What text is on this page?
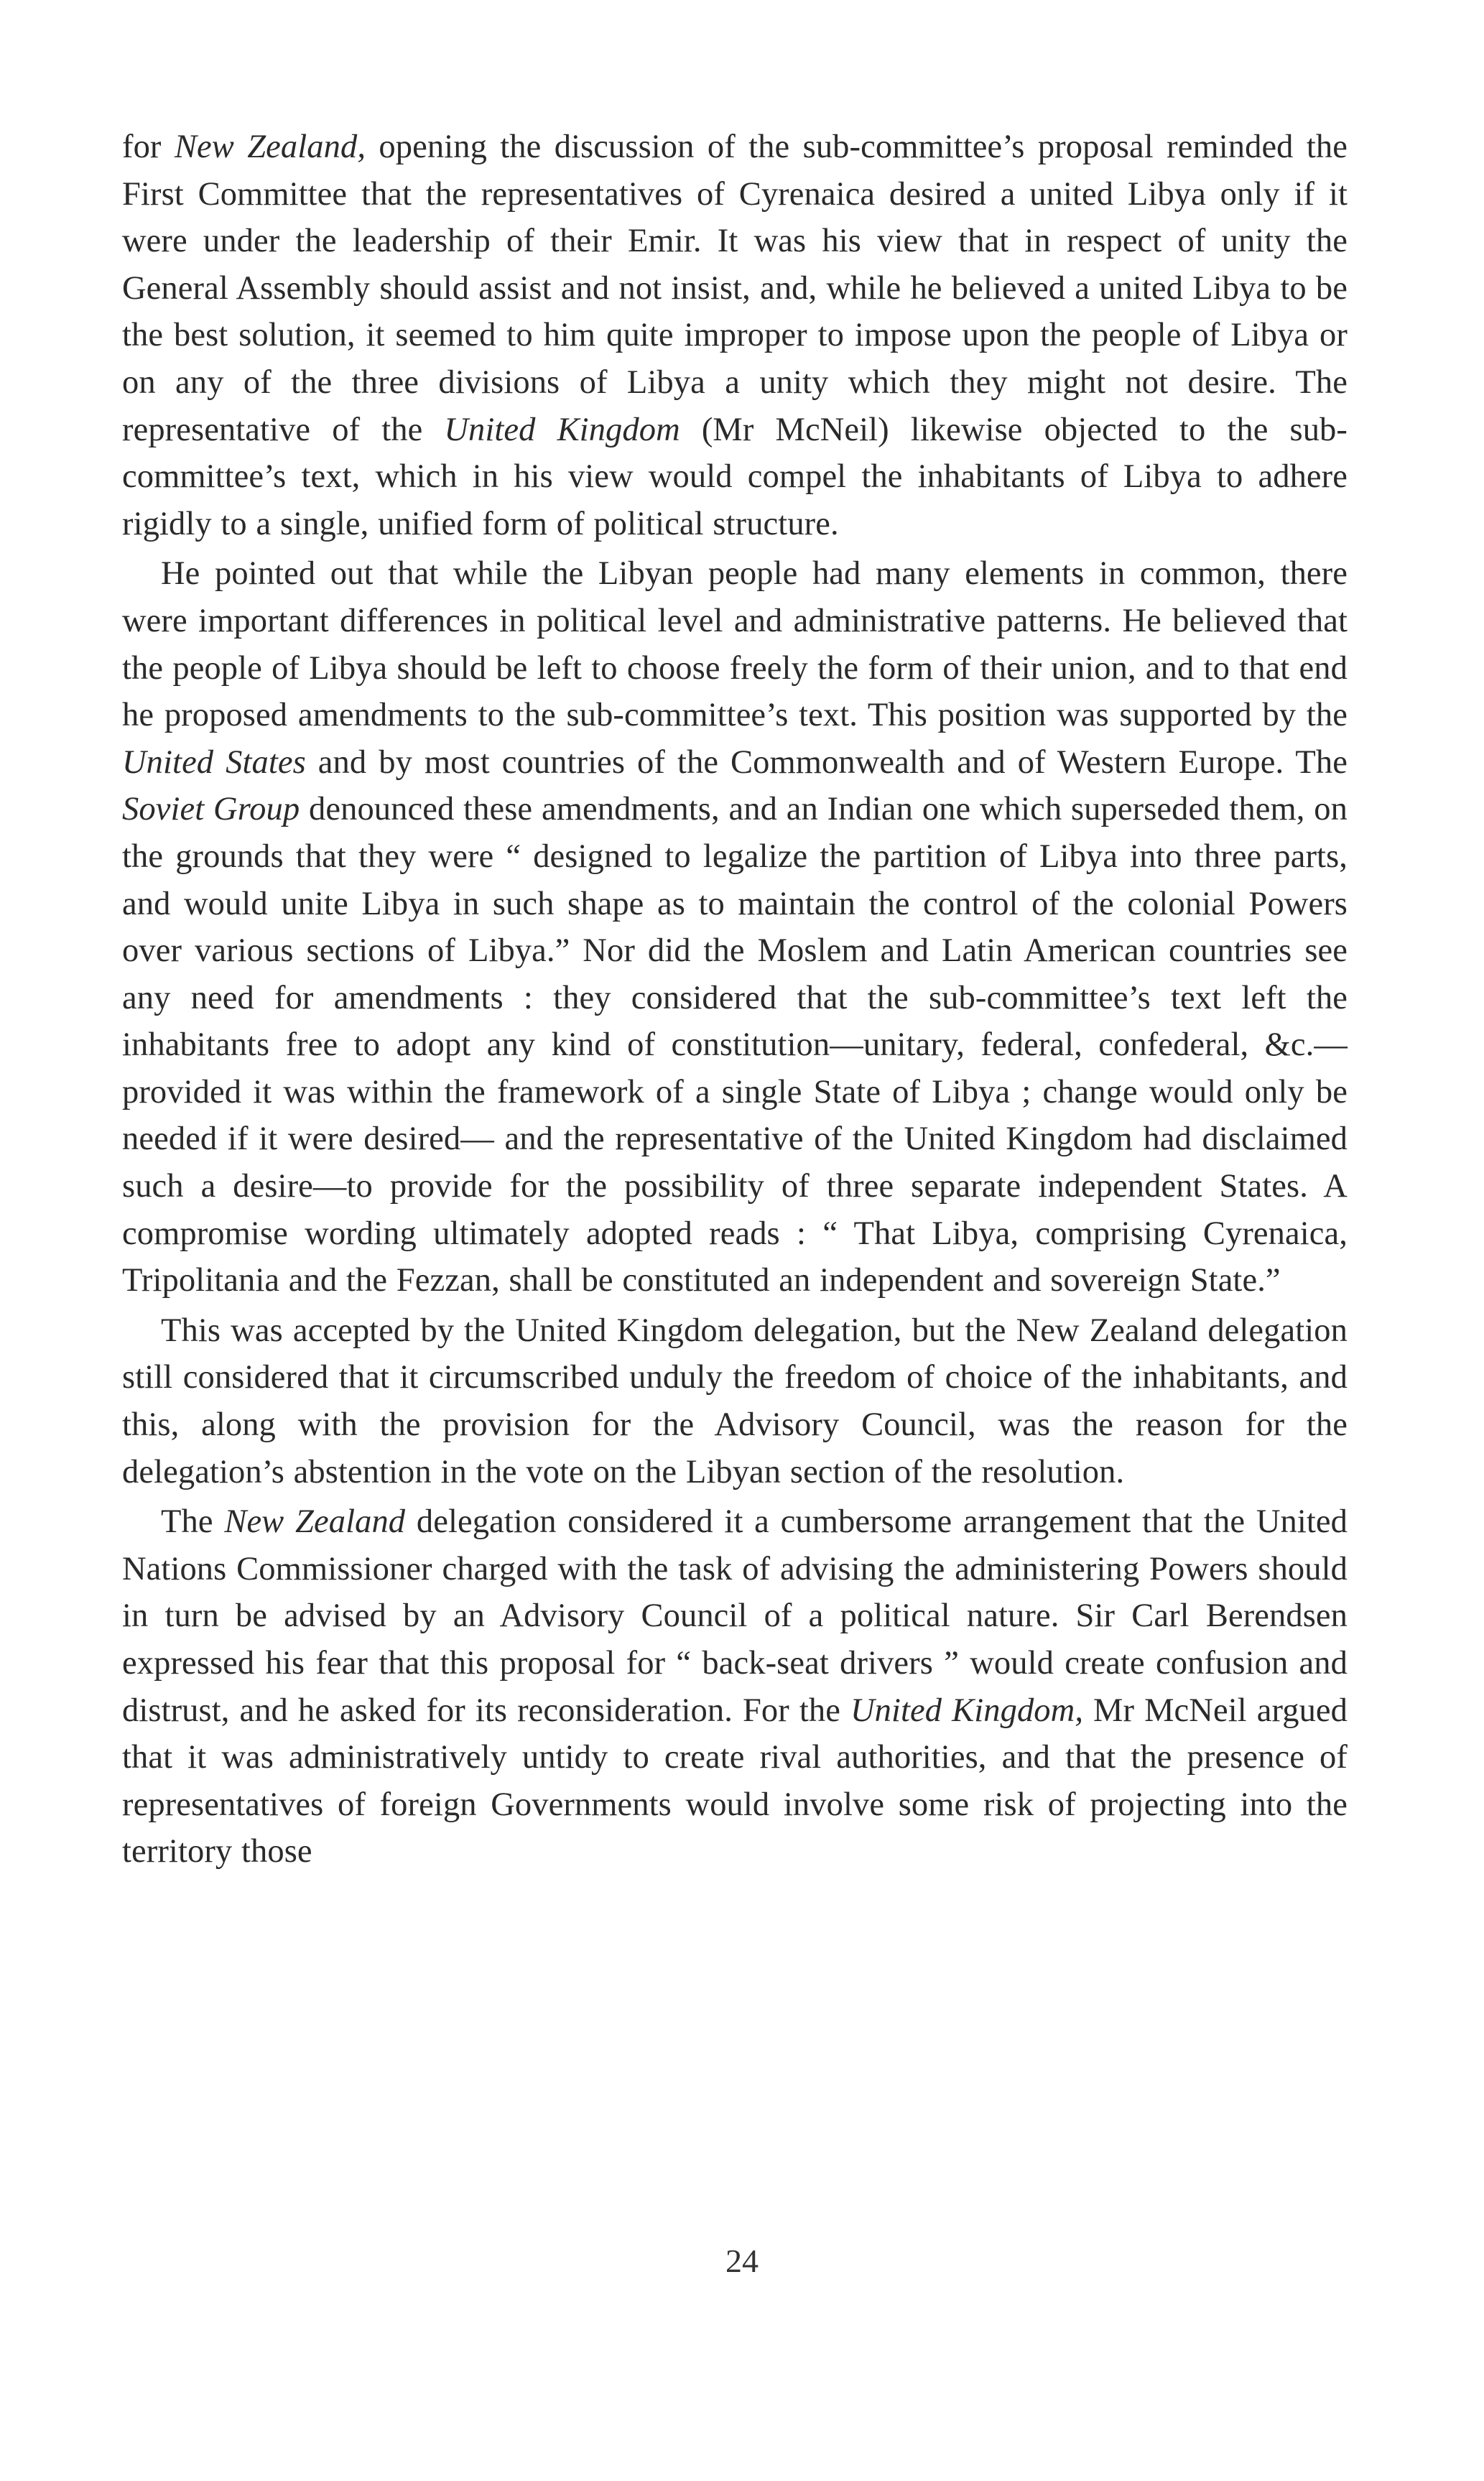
for New Zealand, opening the discussion of the sub-committee’s proposal reminded the First Committee that the representatives of Cyrenaica desired a united Libya only if it were under the leadership of their Emir. It was his view that in respect of unity the General Assembly should assist and not insist, and, while he believed a united Libya to be the best solution, it seemed to him quite improper to impose upon the people of Libya or on any of the three divisions of Libya a unity which they might not desire. The representative of the United Kingdom (Mr McNeil) likewise objected to the sub-committee’s text, which in his view would compel the inhabitants of Libya to adhere rigidly to a single, unified form of political structure.

He pointed out that while the Libyan people had many elements in common, there were important differences in political level and administrative patterns. He believed that the people of Libya should be left to choose freely the form of their union, and to that end he proposed amendments to the sub-committee’s text. This position was supported by the United States and by most countries of the Commonwealth and of Western Europe. The Soviet Group denounced these amendments, and an Indian one which superseded them, on the grounds that they were “ designed to legalize the partition of Libya into three parts, and would unite Libya in such shape as to maintain the control of the colonial Powers over various sections of Libya.” Nor did the Moslem and Latin American countries see any need for amendments : they considered that the sub-committee’s text left the inhabitants free to adopt any kind of constitution—unitary, federal, confederal, &c.—provided it was within the framework of a single State of Libya ; change would only be needed if it were desired— and the representative of the United Kingdom had disclaimed such a desire—to provide for the possibility of three separate independent States. A compromise wording ultimately adopted reads : “ That Libya, comprising Cyrenaica, Tripolitania and the Fezzan, shall be constituted an independent and sovereign State.”

This was accepted by the United Kingdom delegation, but the New Zealand delegation still considered that it circumscribed unduly the freedom of choice of the inhabitants, and this, along with the provision for the Advisory Council, was the reason for the delegation’s abstention in the vote on the Libyan section of the resolution.

The New Zealand delegation considered it a cumbersome arrangement that the United Nations Commissioner charged with the task of advising the administering Powers should in turn be advised by an Advisory Council of a political nature. Sir Carl Berendsen expressed his fear that this proposal for “ back-seat drivers ” would create confusion and distrust, and he asked for its reconsideration. For the United Kingdom, Mr McNeil argued that it was administratively untidy to create rival authorities, and that the presence of representatives of foreign Governments would involve some risk of projecting into the territory those

24
